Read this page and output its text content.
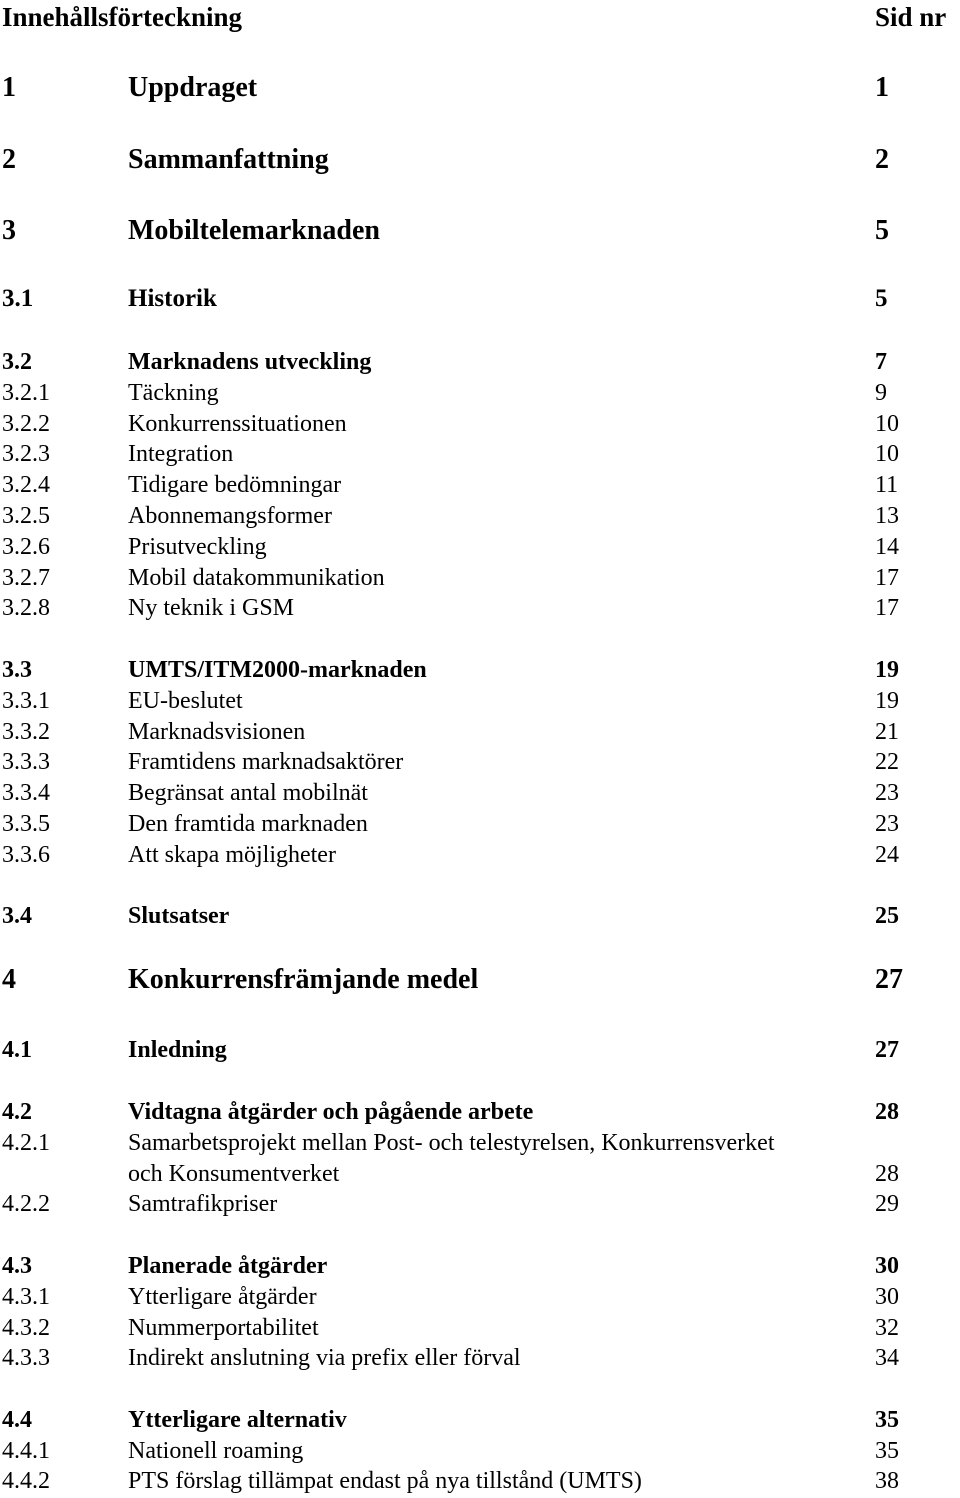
Innehållsförteckning	Sid nr
1	Uppdraget	1
2	Sammanfattning	2
3	Mobiltelemarknaden	5
3.1	Historik	5
3.2	Marknadens utveckling	7
3.2.1	Täckning	9
3.2.2	Konkurrenssituationen	10
3.2.3	Integration	10
3.2.4	Tidigare bedömningar	11
3.2.5	Abonnemangsformer	13
3.2.6	Prisutveckling	14
3.2.7	Mobil datakommunikation	17
3.2.8	Ny teknik i GSM	17
3.3	UMTS/ITM2000-marknaden	19
3.3.1	EU-beslutet	19
3.3.2	Marknadsvisionen	21
3.3.3	Framtidens marknadsaktörer	22
3.3.4	Begränsat antal mobilnät	23
3.3.5	Den framtida marknaden	23
3.3.6	Att skapa möjligheter	24
3.4	Slutsatser	25
4	Konkurrensfrämjande medel	27
4.1	Inledning	27
4.2	Vidtagna åtgärder och pågående arbete	28
4.2.1	Samarbetsprojekt mellan Post- och telestyrelsen, Konkurrensverket
och Konsumentverket	28
4.2.2	Samtrafikpriser	29
4.3	Planerade åtgärder	30
4.3.1	Ytterligare åtgärder	30
4.3.2	Nummerportabilitet	32
4.3.3	Indirekt anslutning via prefix eller förval	34
4.4	Ytterligare alternativ	35
4.4.1	Nationell roaming	35
4.4.2	PTS förslag tillämpat endast på nya tillstånd (UMTS)	38
